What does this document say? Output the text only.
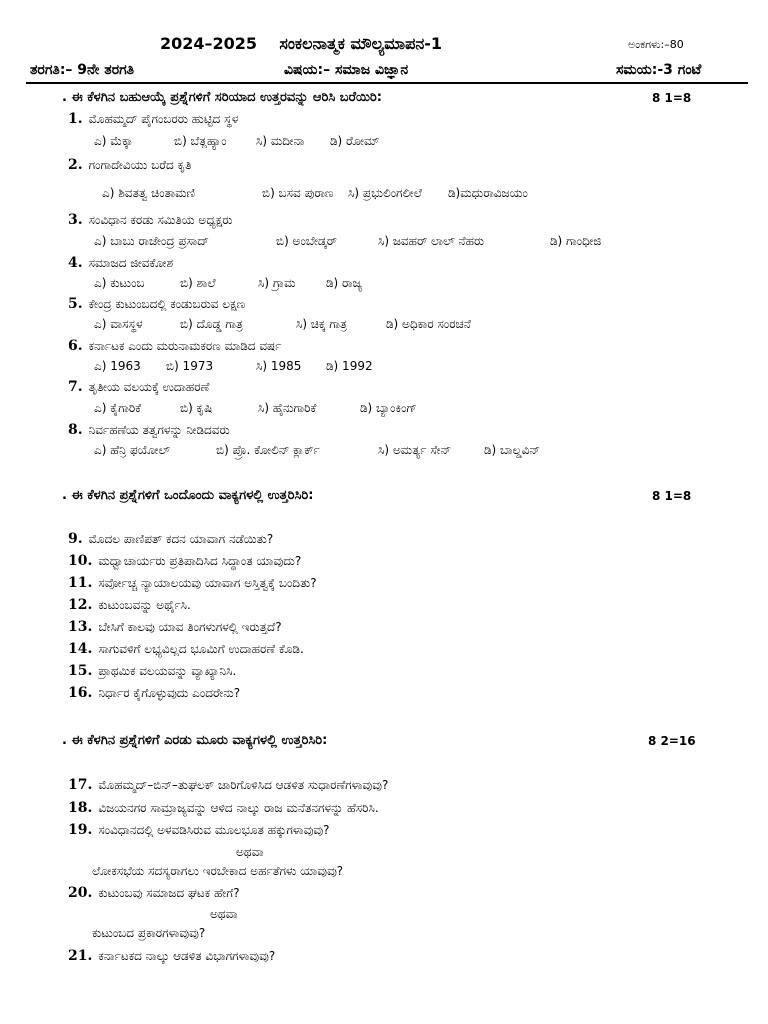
2024–2025 ಸಂಕಲನಾತ್ಮಕ ಮೌಲ್ಯಮಾಪನ-1	ಅಂಕಗಳು:–80
ತರಗತಿ:– 9ನೇ ತರಗತಿ	ವಿಷಯ:– ಸಮಾಜ ವಿಜ್ಞಾನ	ಸಮಯ:-3 ಗಂಟೆ
. ಈ ಕೆಳಗಿನ ಬಹುಆಯ್ಕೆ ಪ್ರಶ್ನೆಗಳಿಗೆ ಸರಿಯಾದ ಉತ್ತರವನ್ನು ಆರಿಸಿ ಬರೆಯಿರಿ:	8 1=8
1. ಮೊಹಮ್ಮದ್ ಪೈಗಂಬರರು ಹುಟ್ಟಿದ ಸ್ಥಳ
ಎ) ಮೆಕ್ಕಾ	ಬಿ) ಬೆತ್ಲಹ್ಯಾಂ ಸಿ) ಮದೀನಾ ಡಿ) ರೋಮ್
2. ಗಂಗಾದೇವಿಯು ಬರೆದ ಕೃತಿ
ಎ) ಶಿವತತ್ವ ಚಿಂತಾಮಣಿ	ಬಿ) ಬಸವ ಪುರಾಣ ಸಿ) ಪ್ರಭುಲಿಂಗಲೀಲೆ ಡಿ)ಮಧುರಾವಿಜಯಂ
3. ಸಂವಿಧಾನ ಕರಡು ಸಮಿತಿಯ ಅಧ್ಯಕ್ಷರು
ಎ) ಬಾಬು ರಾಜೇಂದ್ರ ಪ್ರಸಾದ್	ಬಿ) ಅಂಬೇಡ್ಕರ್	ಸಿ) ಜವಹರ್ ಲಾಲ್ ನೆಹರು	ಡಿ) ಗಾಂಧೀಜಿ
4. ಸಮಾಜದ ಜೀವಕೋಶ
ಎ) ಕುಟುಂಬ	ಬಿ) ಶಾಲೆ	ಸಿ) ಗ್ರಾಮ	ಡಿ) ರಾಜ್ಯ
5. ಕೇಂದ್ರ ಕುಟುಂಬದಲ್ಲಿ ಕಂಡುಬರುವ ಲಕ್ಷಣ
ಎ) ವಾಸಸ್ಥಳ	ಬಿ) ದೊಡ್ಡ ಗಾತ್ರ	ಸಿ) ಚಿಕ್ಕ ಗಾತ್ರ	ಡಿ) ಅಧಿಕಾರ ಸಂರಚನೆ
6. ಕರ್ನಾಟಕ ಎಂದು ಮರುನಾಮಕರಣ ಮಾಡಿದ ವರ್ಷ
ಎ) 1963 ಬಿ) 1973	ಸಿ) 1985 ಡಿ) 1992
7. ತೃತೀಯ ವಲಯಕ್ಕೆ ಉದಾಹರಣೆ
ಎ) ಕೈಗಾರಿಕೆ	ಬಿ) ಕೃಷಿ	ಸಿ) ಹೈನುಗಾರಿಕೆ	ಡಿ) ಬ್ಯಾಂಕಿಂಗ್
8. ನಿರ್ವಹಣೆಯ ತತ್ವಗಳನ್ನು ನೀಡಿದವರು
ಎ) ಹೆನ್ರಿ ಫಯೋಲ್	ಬಿ) ಪ್ರೊ. ಕೋಲಿನ್ ಕ್ಲಾರ್ಕ್	ಸಿ) ಅಮರ್ತ್ಯ ಸೇನ್	ಡಿ) ಬಾಲ್ಡವಿನ್
. ಈ ಕೆಳಗಿನ ಪ್ರಶ್ನೆಗಳಿಗೆ ಒಂದೊಂದು ವಾಕ್ಯಗಳಲ್ಲಿ ಉತ್ತರಿಸಿರಿ:	8 1=8
9. ಮೊದಲ ಪಾಣಿಪತ್ ಕದನ ಯಾವಾಗ ನಡೆಯಿತು?
10. ಮಧ್ವಾಚಾರ್ಯರು ಪ್ರತಿಪಾದಿಸಿದ ಸಿದ್ಧಾಂತ ಯಾವುದು?
11. ಸರ್ವೋಚ್ಚ ನ್ಯಾಯಾಲಯವು ಯಾವಾಗ ಅಸ್ತಿತ್ವಕ್ಕೆ ಬಂದಿತು?
12. ಕುಟುಂಬವನ್ನು ಅರ್ಥೈಸಿ.
13. ಬೇಸಿಗೆ ಕಾಲವು ಯಾವ ತಿಂಗಳುಗಳಲ್ಲಿ ಇರುತ್ತದೆ?
14. ಸಾಗುವಳಿಗೆ ಲಭ್ಯವಿಲ್ಲದ ಭೂಮಿಗೆ ಉದಾಹರಣೆ ಕೊಡಿ.
15. ಪ್ರಾಥಮಿಕ ವಲಯವನ್ನು ವ್ಯಾಖ್ಯಾನಿಸಿ.
16. ನಿರ್ಧಾರ ಕೈಗೊಳ್ಳುವುದು ಎಂದರೇನು?
. ಈ ಕೆಳಗಿನ ಪ್ರಶ್ನೆಗಳಿಗೆ ಎರಡು ಮೂರು ವಾಕ್ಯಗಳಲ್ಲಿ ಉತ್ತರಿಸಿರಿ:	8 2=16
17. ಮೊಹಮ್ಮದ್–ಬಿನ್–ತುಘಲಕ್ ಜಾರಿಗೊಳಿಸಿದ ಆಡಳಿತ ಸುಧಾರಣೆಗಳಾವುವು?
18. ವಿಜಯನಗರ ಸಾಮ್ರಾಜ್ಯವನ್ನು ಆಳಿದ ನಾಲ್ಕು ರಾಜ ಮನೆತನಗಳನ್ನು ಹೆಸರಿಸಿ.
19. ಸಂವಿಧಾನದಲ್ಲಿ ಅಳವಡಿಸಿರುವ ಮೂಲಭೂತ ಹಕ್ಕುಗಳಾವುವು?
ಅಥವಾ
ಲೋಕಸಭೆಯ ಸದಸ್ಯರಾಗಲು ಇರಬೇಕಾದ ಅರ್ಹತೆಗಳು ಯಾವುವು?
20. ಕುಟುಂಬವು ಸಮಾಜದ ಘಟಕ ಹೇಗೆ?
ಅಥವಾ
ಕುಟುಂಬದ ಪ್ರಕಾರಗಳಾವುವು?
21. ಕರ್ನಾಟಕದ ನಾಲ್ಕು ಆಡಳಿತ ವಿಭಾಗಗಳಾವುವು?
